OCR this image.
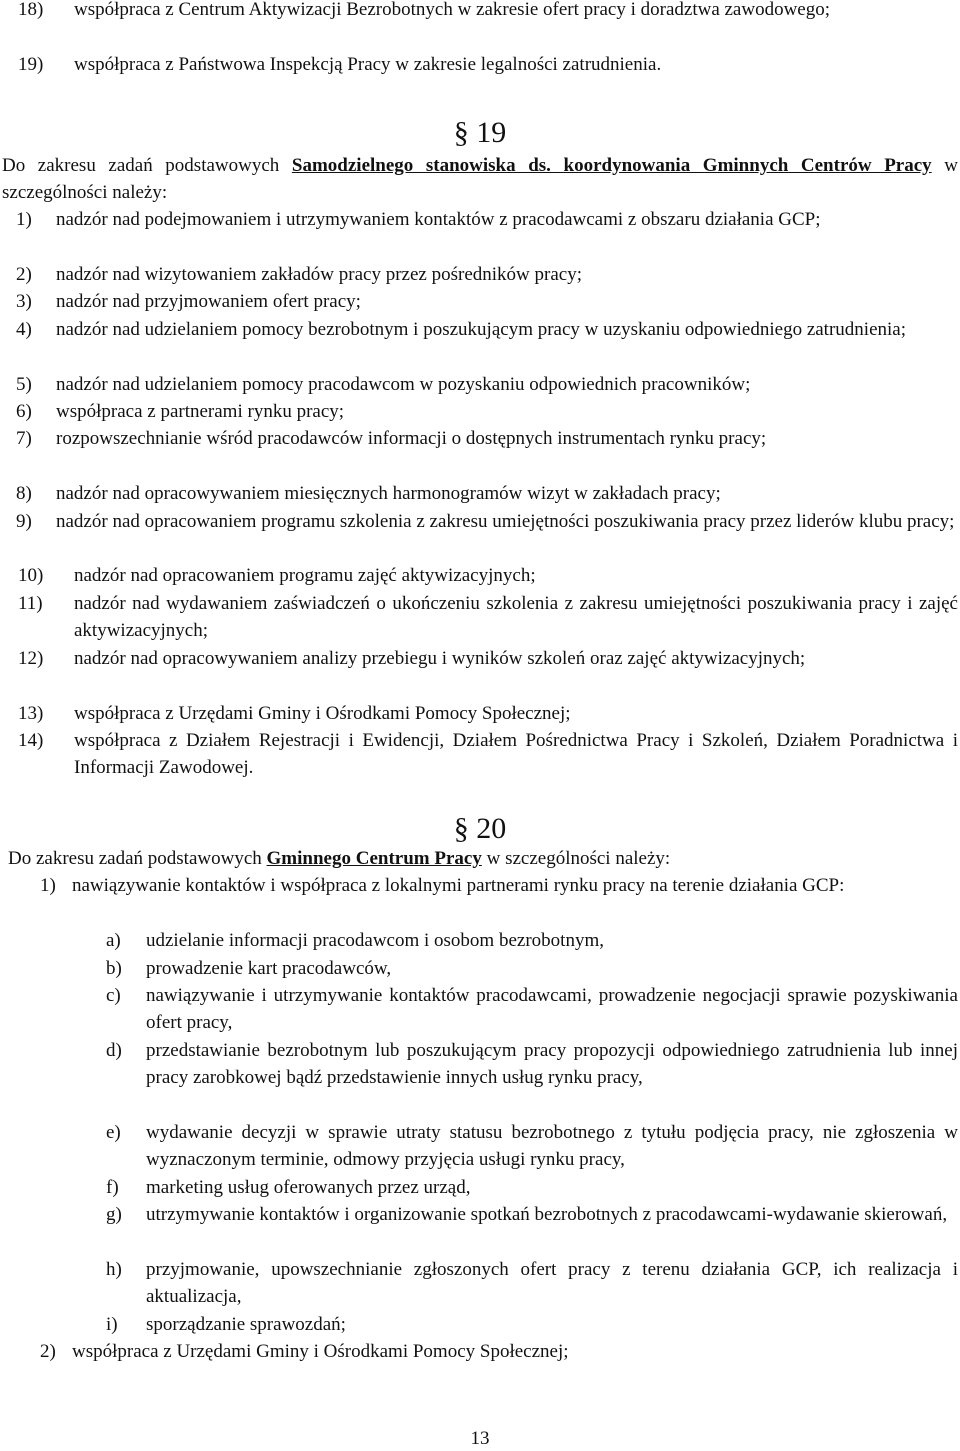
18) współpraca z Centrum Aktywizacji Bezrobotnych w zakresie ofert pracy i doradztwa zawodowego;
19) współpraca z Państwowa Inspekcją Pracy w zakresie legalności zatrudnienia.
§ 19
Do zakresu zadań podstawowych Samodzielnego stanowiska ds. koordynowania Gminnych Centrów Pracy w szczególności należy:
1) nadzór nad podejmowaniem i utrzymywaniem kontaktów z pracodawcami z obszaru działania GCP;
2) nadzór nad wizytowaniem zakładów pracy przez pośredników pracy;
3) nadzór nad przyjmowaniem ofert pracy;
4) nadzór nad udzielaniem pomocy bezrobotnym i poszukującym pracy w uzyskaniu odpowiedniego zatrudnienia;
5) nadzór nad udzielaniem pomocy pracodawcom w pozyskaniu odpowiednich pracowników;
6) współpraca z partnerami rynku pracy;
7) rozpowszechnianie wśród pracodawców informacji o dostępnych instrumentach rynku pracy;
8) nadzór nad opracowywaniem miesięcznych harmonogramów wizyt w zakładach pracy;
9) nadzór nad opracowaniem programu szkolenia z zakresu umiejętności poszukiwania pracy przez liderów klubu pracy;
10) nadzór nad opracowaniem programu zajęć aktywizacyjnych;
11) nadzór nad wydawaniem zaświadczeń o ukończeniu szkolenia z zakresu umiejętności poszukiwania pracy i zajęć aktywizacyjnych;
12) nadzór nad opracowywaniem analizy przebiegu i wyników szkoleń oraz zajęć aktywizacyjnych;
13) współpraca z Urzędami Gminy i Ośrodkami Pomocy Społecznej;
14) współpraca z Działem Rejestracji i Ewidencji, Działem Pośrednictwa Pracy i Szkoleń, Działem Poradnictwa i Informacji Zawodowej.
§ 20
Do zakresu zadań podstawowych Gminnego Centrum Pracy w szczególności należy:
1) nawiązywanie kontaktów i współpraca z lokalnymi partnerami rynku pracy na terenie działania GCP:
a) udzielanie informacji pracodawcom i osobom bezrobotnym,
b) prowadzenie kart pracodawców,
c) nawiązywanie i utrzymywanie kontaktów pracodawcami, prowadzenie negocjacji sprawie pozyskiwania ofert pracy,
d) przedstawianie bezrobotnym lub poszukującym pracy propozycji odpowiedniego zatrudnienia lub innej pracy zarobkowej bądź przedstawienie innych usług rynku pracy,
e) wydawanie decyzji w sprawie utraty statusu bezrobotnego z tytułu podjęcia pracy, nie zgłoszenia w wyznaczonym terminie, odmowy przyjęcia usługi rynku pracy,
f) marketing usług oferowanych przez urząd,
g) utrzymywanie kontaktów i organizowanie spotkań bezrobotnych z pracodawcami-wydawanie skierowań,
h) przyjmowanie, upowszechnianie zgłoszonych ofert pracy z terenu działania GCP, ich realizacja i aktualizacja,
i) sporządzanie sprawozdań;
2) współpraca z Urzędami Gminy i Ośrodkami Pomocy Społecznej;
13
